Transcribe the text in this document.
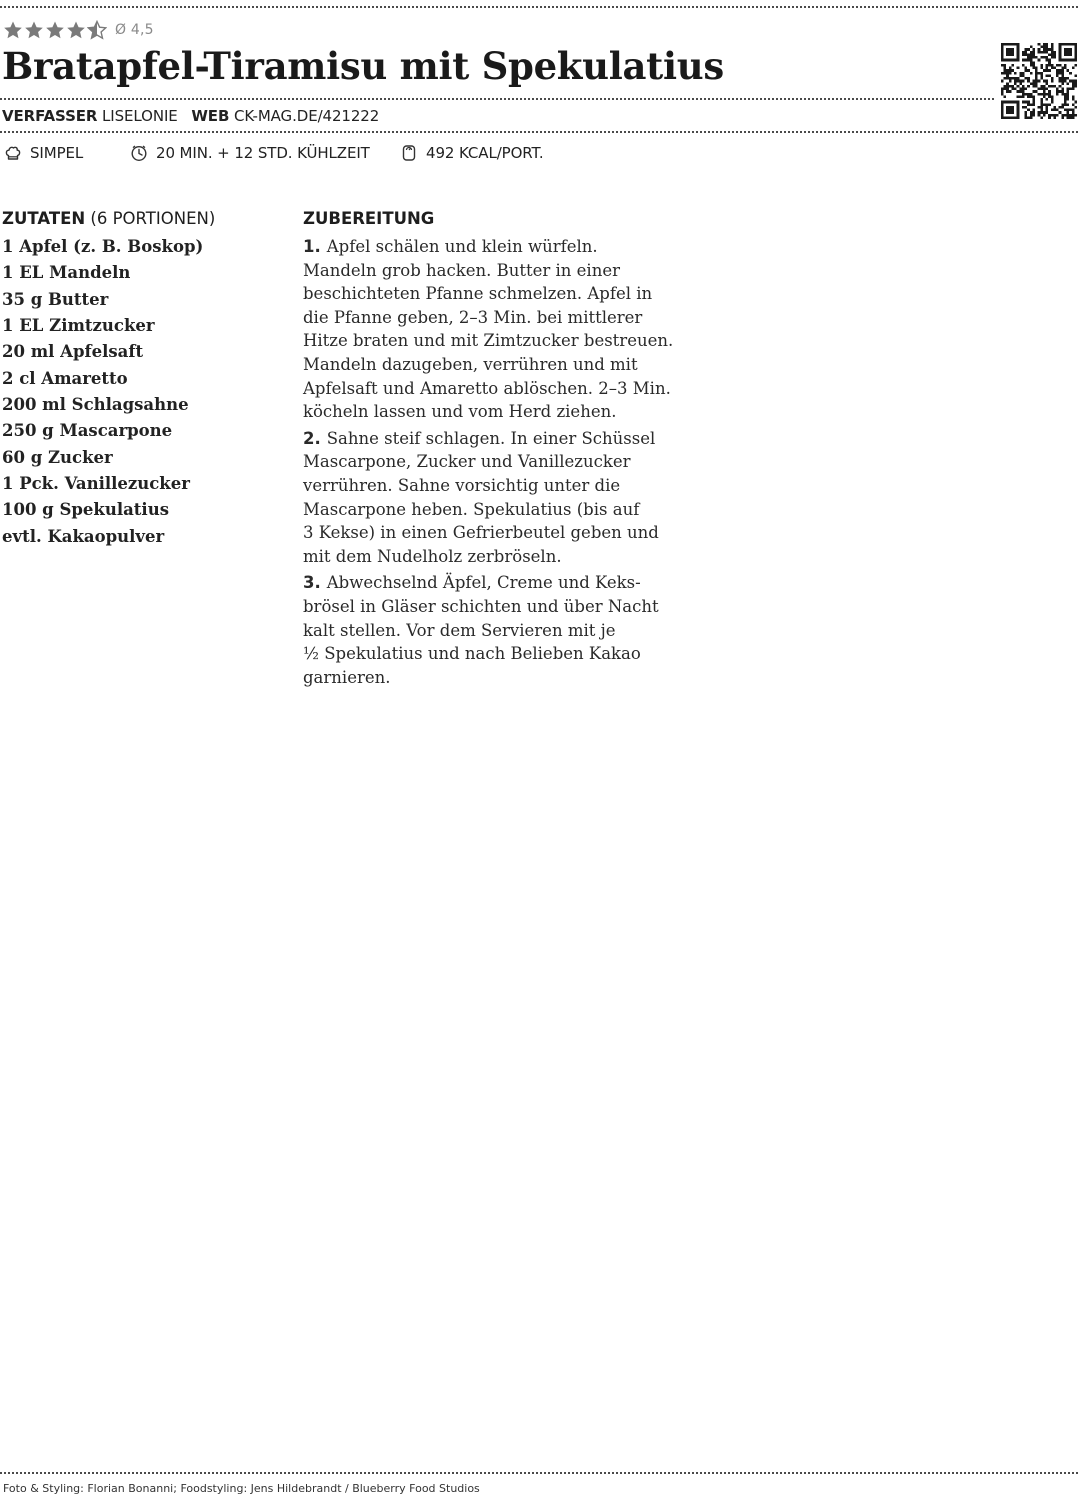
Ø 4,5
Bratapfel-Tiramisu mit Spekulatius
VERFASSER LISELONIE WEB CK-MAG.DE/421222
SIMPEL	20 MIN. + 12 STD. KÜHLZEIT	492 KCAL/PORT.
ZUTATEN (6 PORTIONEN)
1 Apfel (z. B. Boskop)
1 EL Mandeln
35 g Butter
1 EL Zimtzucker
20 ml Apfelsaft
2 cl Amaretto
200 ml Schlagsahne
250 g Mascarpone
60 g Zucker
1 Pck. Vanillezucker
100 g Spekulatius
evtl. Kakaopulver
ZUBEREITUNG
1. Apfel schälen und klein würfeln.
Mandeln grob hacken. Butter in einer
beschichteten Pfanne schmelzen. Apfel in
die Pfanne geben, 2–3 Min. bei mittlerer
Hitze braten und mit Zimtzucker bestreuen.
Mandeln dazugeben, verrühren und mit
Apfelsaft und Amaretto ablöschen. 2–3 Min.
köcheln lassen und vom Herd ziehen.
2. Sahne steif schlagen. In einer Schüssel
Mascarpone, Zucker und Vanillezucker
verrühren. Sahne vorsichtig unter die
Mascarpone heben. Spekulatius (bis auf
3 Kekse) in einen Gefrierbeutel geben und
mit dem Nudelholz zerbröseln.
3. Abwechselnd Äpfel, Creme und Keks-
brösel in Gläser schichten und über Nacht
kalt stellen. Vor dem Servieren mit je
½ Spekulatius und nach Belieben Kakao
garnieren.
Foto & Styling: Florian Bonanni; Foodstyling: Jens Hildebrandt / Blueberry Food Studios
